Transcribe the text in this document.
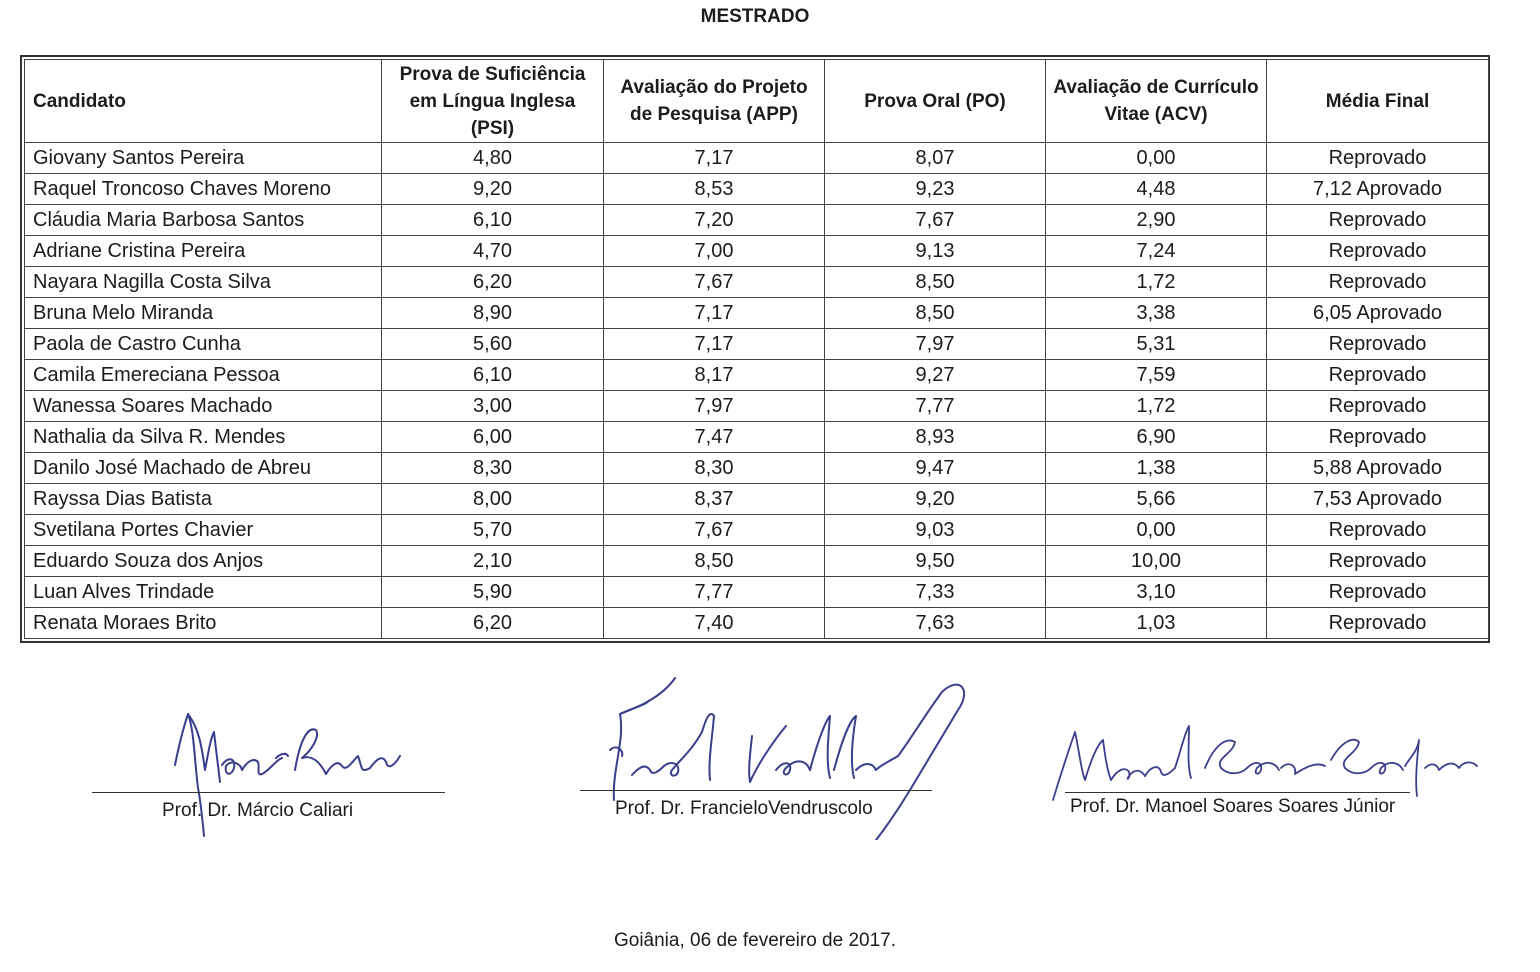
MESTRADO
Candidato	Prova de Suficiência em Língua Inglesa (PSI)	Avaliação do Projeto de Pesquisa (APP)	Prova Oral (PO)	Avaliação de Currículo Vitae (ACV)	Média Final
Giovany Santos Pereira	4,80	7,17	8,07	0,00	Reprovado
Raquel Troncoso Chaves Moreno	9,20	8,53	9,23	4,48	7,12 Aprovado
Cláudia Maria Barbosa Santos	6,10	7,20	7,67	2,90	Reprovado
Adriane Cristina Pereira	4,70	7,00	9,13	7,24	Reprovado
Nayara Nagilla Costa Silva	6,20	7,67	8,50	1,72	Reprovado
Bruna Melo Miranda	8,90	7,17	8,50	3,38	6,05 Aprovado
Paola de Castro Cunha	5,60	7,17	7,97	5,31	Reprovado
Camila Emereciana Pessoa	6,10	8,17	9,27	7,59	Reprovado
Wanessa Soares Machado	3,00	7,97	7,77	1,72	Reprovado
Nathalia da Silva R. Mendes	6,00	7,47	8,93	6,90	Reprovado
Danilo José Machado de Abreu	8,30	8,30	9,47	1,38	5,88 Aprovado
Rayssa Dias Batista	8,00	8,37	9,20	5,66	7,53 Aprovado
Svetilana Portes Chavier	5,70	7,67	9,03	0,00	Reprovado
Eduardo Souza dos Anjos	2,10	8,50	9,50	10,00	Reprovado
Luan Alves Trindade	5,90	7,77	7,33	3,10	Reprovado
Renata Moraes Brito	6,20	7,40	7,63	1,03	Reprovado
Prof. Dr. Márcio Caliari	Prof. Dr. FrancieloVendruscolo	Prof. Dr. Manoel Soares Soares Júnior
Goiânia, 06 de fevereiro de 2017.
